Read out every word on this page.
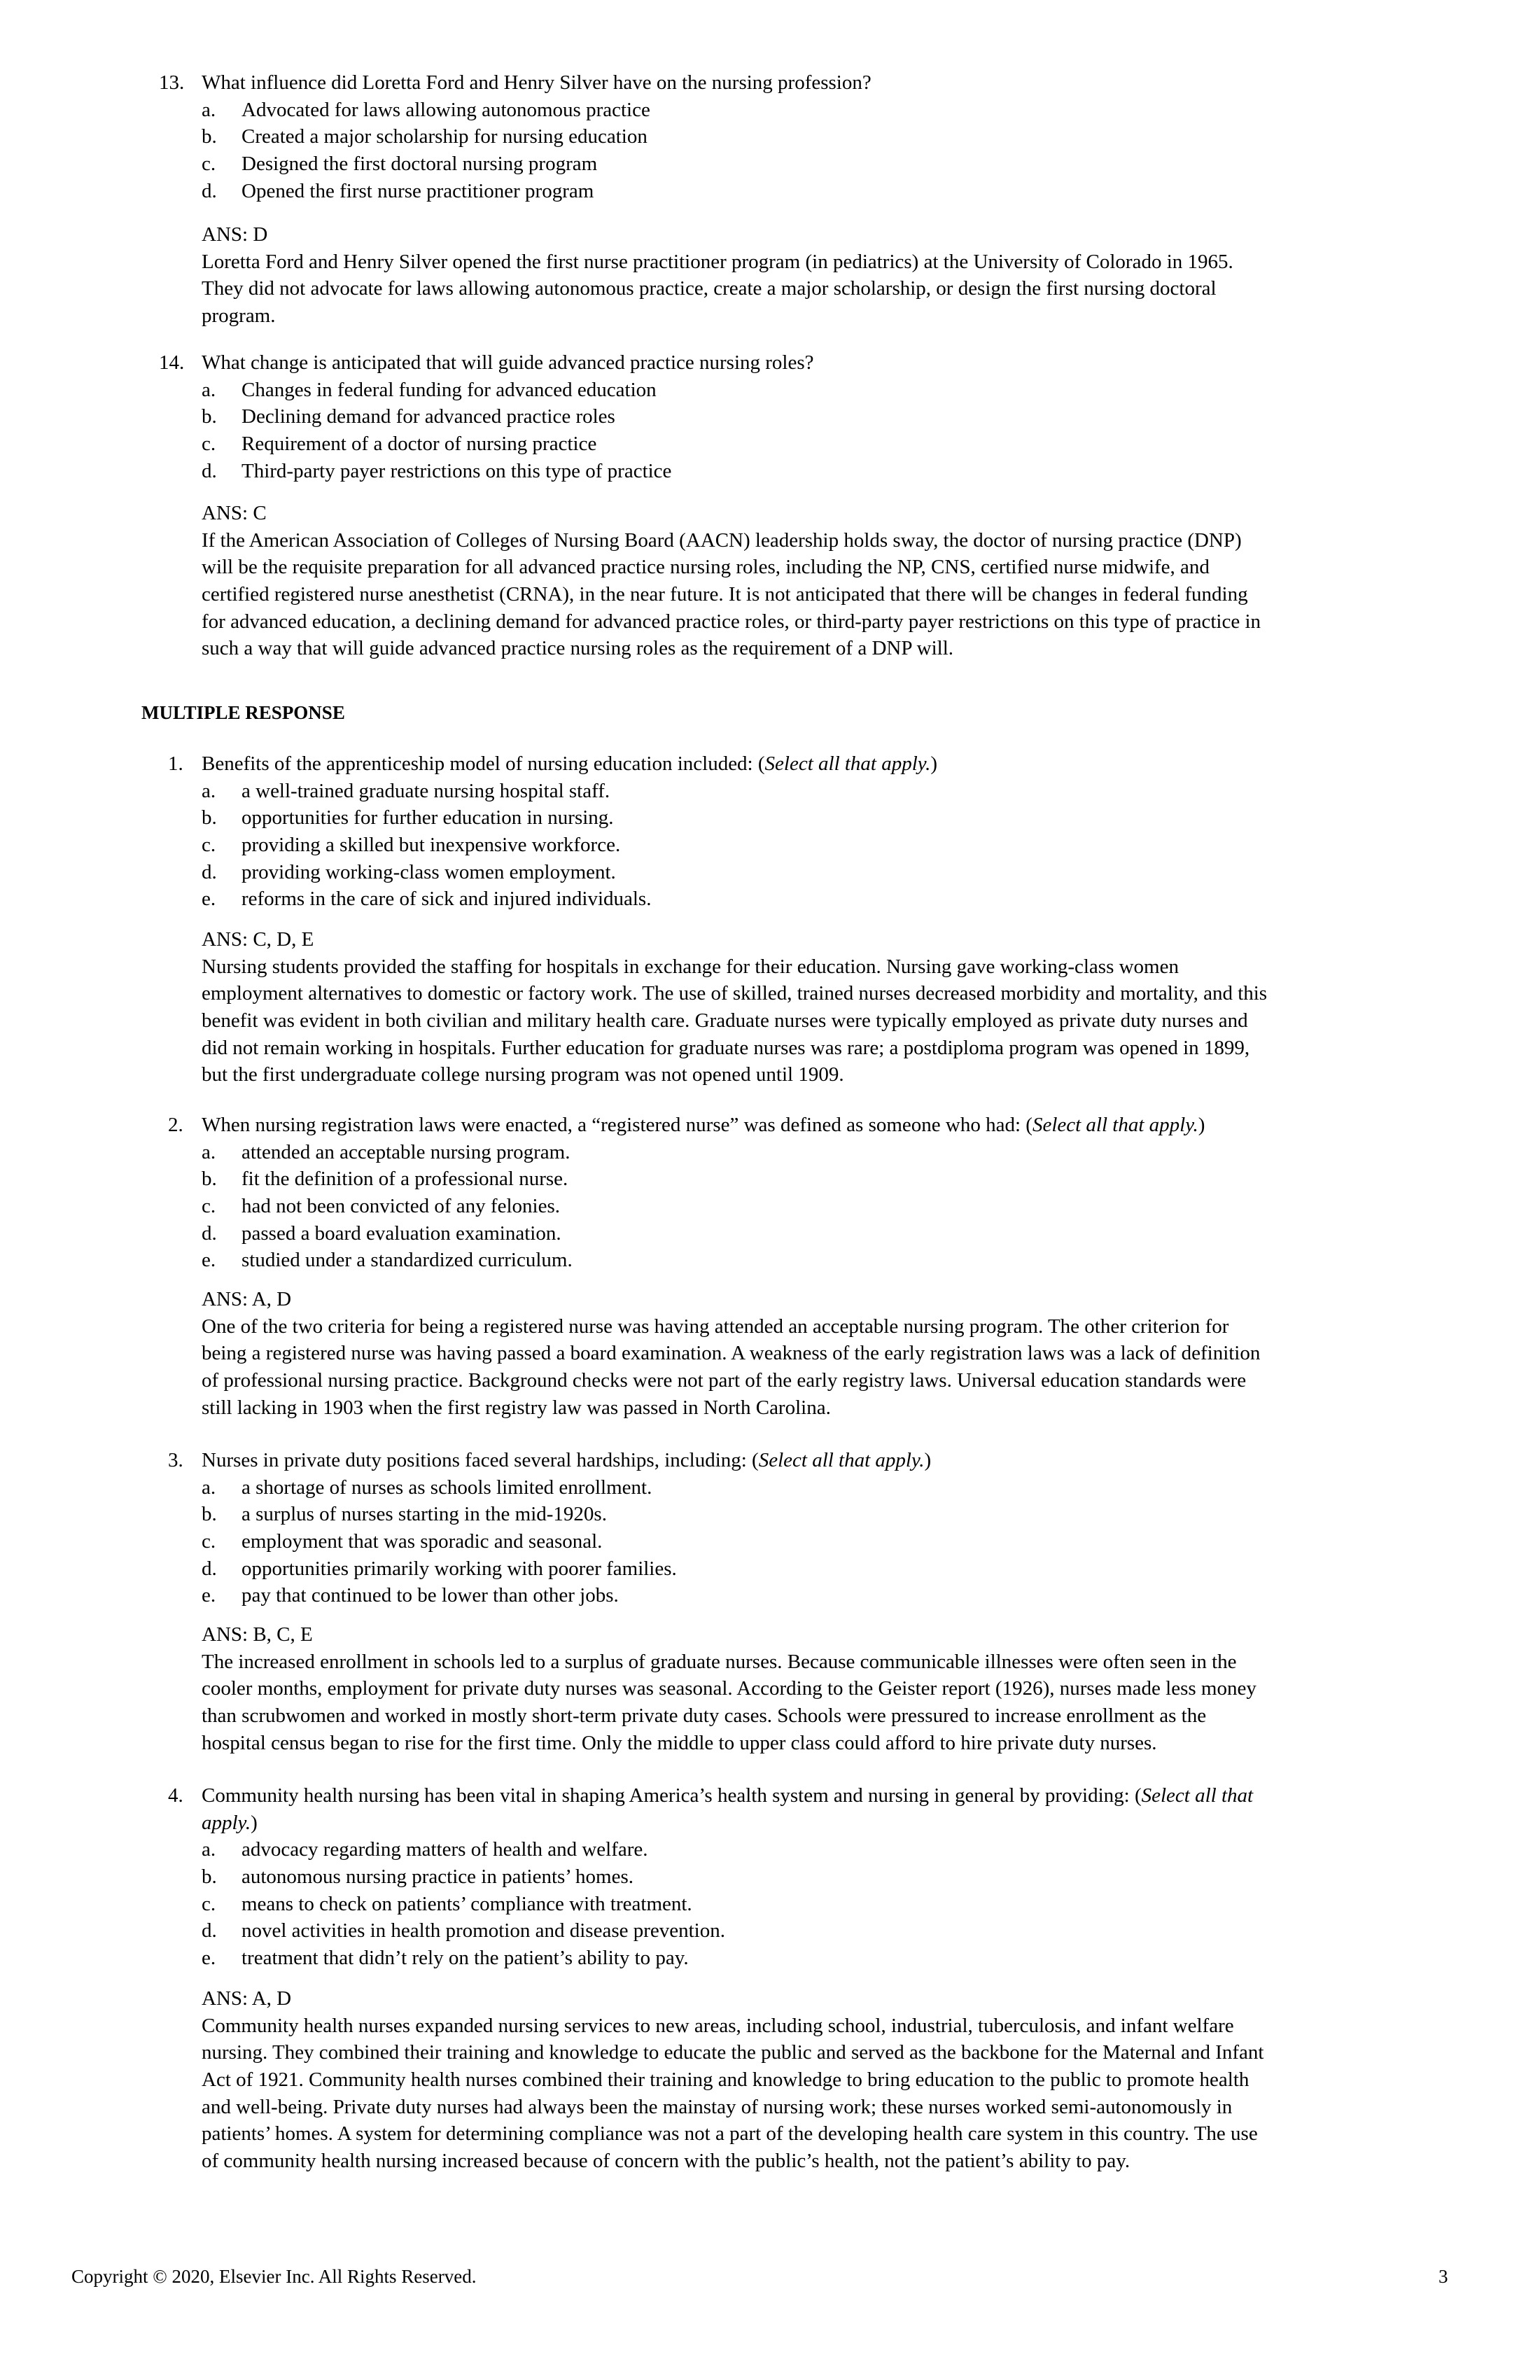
13. What influence did Loretta Ford and Henry Silver have on the nursing profession?
a. Advocated for laws allowing autonomous practice
b. Created a major scholarship for nursing education
c. Designed the first doctoral nursing program
d. Opened the first nurse practitioner program
ANS: D
Loretta Ford and Henry Silver opened the first nurse practitioner program (in pediatrics) at the University of Colorado in 1965.
They did not advocate for laws allowing autonomous practice, create a major scholarship, or design the first nursing doctoral
program.
14. What change is anticipated that will guide advanced practice nursing roles?
a. Changes in federal funding for advanced education
b. Declining demand for advanced practice roles
c. Requirement of a doctor of nursing practice
d. Third-party payer restrictions on this type of practice
ANS: C
If the American Association of Colleges of Nursing Board (AACN) leadership holds sway, the doctor of nursing practice (DNP)
will be the requisite preparation for all advanced practice nursing roles, including the NP, CNS, certified nurse midwife, and
certified registered nurse anesthetist (CRNA), in the near future. It is not anticipated that there will be changes in federal funding
for advanced education, a declining demand for advanced practice roles, or third-party payer restrictions on this type of practice in
such a way that will guide advanced practice nursing roles as the requirement of a DNP will.
MULTIPLE RESPONSE
1. Benefits of the apprenticeship model of nursing education included: (Select all that apply.)
a. a well-trained graduate nursing hospital staff.
b. opportunities for further education in nursing.
c. providing a skilled but inexpensive workforce.
d. providing working-class women employment.
e. reforms in the care of sick and injured individuals.
ANS: C, D, E
Nursing students provided the staffing for hospitals in exchange for their education. Nursing gave working-class women
employment alternatives to domestic or factory work. The use of skilled, trained nurses decreased morbidity and mortality, and this
benefit was evident in both civilian and military health care. Graduate nurses were typically employed as private duty nurses and
did not remain working in hospitals. Further education for graduate nurses was rare; a postdiploma program was opened in 1899,
but the first undergraduate college nursing program was not opened until 1909.
2. When nursing registration laws were enacted, a “registered nurse” was defined as someone who had: (Select all that apply.)
a. attended an acceptable nursing program.
b. fit the definition of a professional nurse.
c. had not been convicted of any felonies.
d. passed a board evaluation examination.
e. studied under a standardized curriculum.
ANS: A, D
One of the two criteria for being a registered nurse was having attended an acceptable nursing program. The other criterion for
being a registered nurse was having passed a board examination. A weakness of the early registration laws was a lack of definition
of professional nursing practice. Background checks were not part of the early registry laws. Universal education standards were
still lacking in 1903 when the first registry law was passed in North Carolina.
3. Nurses in private duty positions faced several hardships, including: (Select all that apply.)
a. a shortage of nurses as schools limited enrollment.
b. a surplus of nurses starting in the mid-1920s.
c. employment that was sporadic and seasonal.
d. opportunities primarily working with poorer families.
e. pay that continued to be lower than other jobs.
ANS: B, C, E
The increased enrollment in schools led to a surplus of graduate nurses. Because communicable illnesses were often seen in the
cooler months, employment for private duty nurses was seasonal. According to the Geister report (1926), nurses made less money
than scrubwomen and worked in mostly short-term private duty cases. Schools were pressured to increase enrollment as the
hospital census began to rise for the first time. Only the middle to upper class could afford to hire private duty nurses.
4. Community health nursing has been vital in shaping America’s health system and nursing in general by providing: (Select all that
apply.)
a. advocacy regarding matters of health and welfare.
b. autonomous nursing practice in patients’ homes.
c. means to check on patients’ compliance with treatment.
d. novel activities in health promotion and disease prevention.
e. treatment that didn’t rely on the patient’s ability to pay.
ANS: A, D
Community health nurses expanded nursing services to new areas, including school, industrial, tuberculosis, and infant welfare
nursing. They combined their training and knowledge to educate the public and served as the backbone for the Maternal and Infant
Act of 1921. Community health nurses combined their training and knowledge to bring education to the public to promote health
and well-being. Private duty nurses had always been the mainstay of nursing work; these nurses worked semi-autonomously in
patients’ homes. A system for determining compliance was not a part of the developing health care system in this country. The use
of community health nursing increased because of concern with the public’s health, not the patient’s ability to pay.
Copyright © 2020, Elsevier Inc. All Rights Reserved.	3
